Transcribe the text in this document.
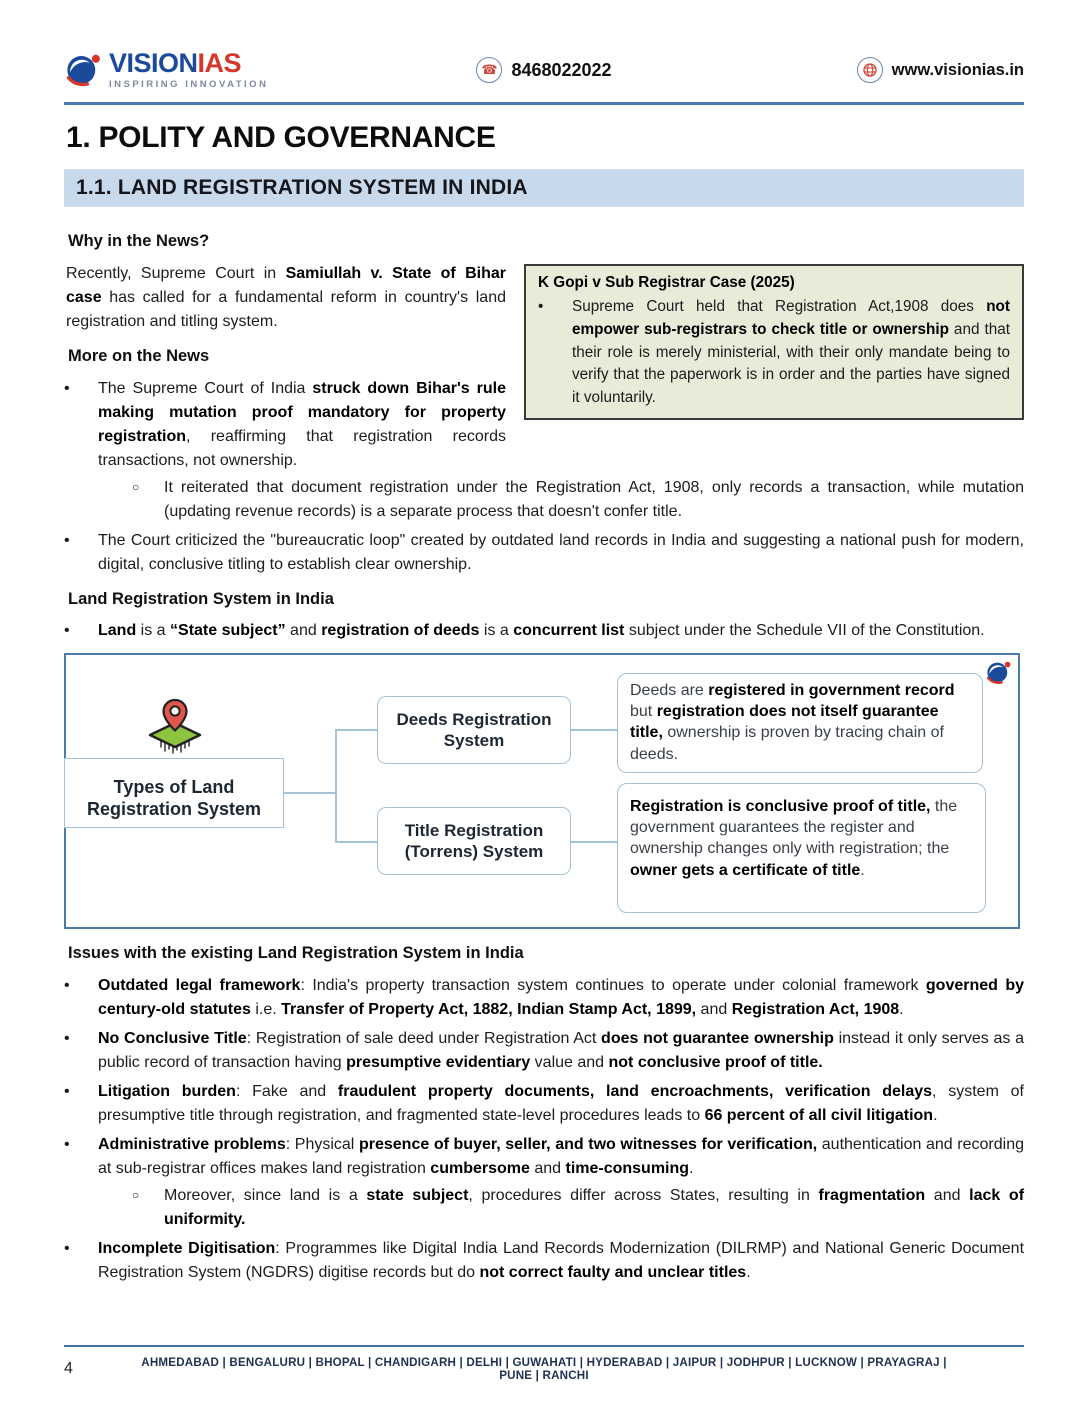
VISIONIAS
INSPIRING INNOVATION
☎ 8468022022	www.visionias.in
1. POLITY AND GOVERNANCE
1.1. LAND REGISTRATION SYSTEM IN INDIA
Why in the News?
K Gopi v Sub Registrar Case (2025)
• Supreme Court held that Registration Act,1908 does not empower sub-registrars to check title or ownership and that their role is merely ministerial, with their only mandate being to verify that the paperwork is in order and the parties have signed it voluntarily.

Recently, Supreme Court in Samiullah v. State of Bihar case has called for a fundamental reform in country's land registration and titling system.

More on the News
• The Supreme Court of India struck down Bihar's rule making mutation proof mandatory for property registration, reaffirming that registration records transactions, not ownership.
○ It reiterated that document registration under the Registration Act, 1908, only records a transaction, while mutation (updating revenue records) is a separate process that doesn't confer title.
• The Court criticized the "bureaucratic loop" created by outdated land records in India and suggesting a national push for modern, digital, conclusive titling to establish clear ownership.
Land Registration System in India
• Land is a “State subject” and registration of deeds is a concurrent list subject under the Schedule VII of the Constitution.
Types of Land Registration System
Deeds Registration System
Title Registration (Torrens) System
Deeds are registered in government record but registration does not itself guarantee title, ownership is proven by tracing chain of deeds.
Registration is conclusive proof of title, the government guarantees the register and ownership changes only with registration; the owner gets a certificate of title.
Issues with the existing Land Registration System in India
• Outdated legal framework: India's property transaction system continues to operate under colonial framework governed by century-old statutes i.e. Transfer of Property Act, 1882, Indian Stamp Act, 1899, and Registration Act, 1908.
• No Conclusive Title: Registration of sale deed under Registration Act does not guarantee ownership instead it only serves as a public record of transaction having presumptive evidentiary value and not conclusive proof of title.
• Litigation burden: Fake and fraudulent property documents, land encroachments, verification delays, system of presumptive title through registration, and fragmented state-level procedures leads to 66 percent of all civil litigation.
• Administrative problems: Physical presence of buyer, seller, and two witnesses for verification, authentication and recording at sub-registrar offices makes land registration cumbersome and time-consuming.
○ Moreover, since land is a state subject, procedures differ across States, resulting in fragmentation and lack of uniformity.
• Incomplete Digitisation: Programmes like Digital India Land Records Modernization (DILRMP) and National Generic Document Registration System (NGDRS) digitise records but do not correct faulty and unclear titles.
4	AHMEDABAD | BENGALURU | BHOPAL | CHANDIGARH | DELHI | GUWAHATI | HYDERABAD | JAIPUR | JODHPUR | LUCKNOW | PRAYAGRAJ | PUNE | RANCHI
